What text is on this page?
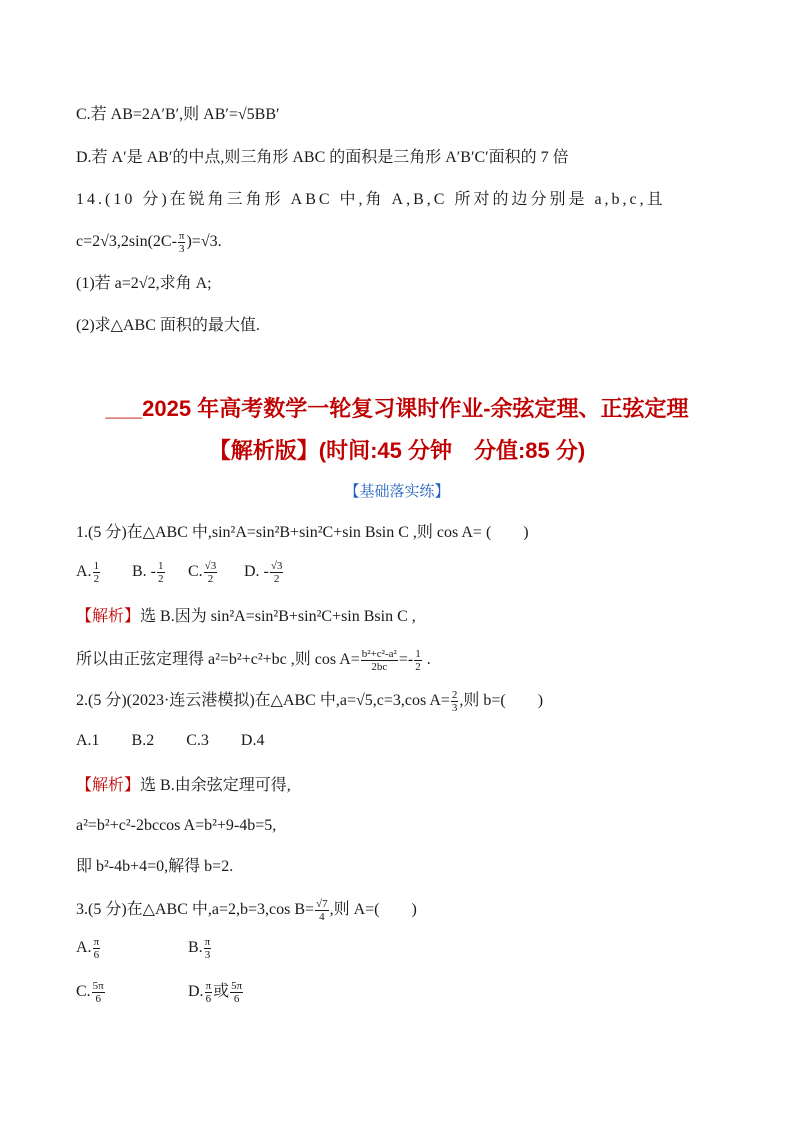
C.若 AB=2A′B′,则 AB′=√5BB′
D.若 A′是 AB′的中点,则三角形 ABC 的面积是三角形 A′B′C′面积的 7 倍
14.(10 分)在锐角三角形 ABC 中,角 A,B,C 所对的边分别是 a,b,c,且
$c=2√3,2\sin(2C- \frac{\pi}{3} )=√3$.
(1)若 a=2√2,求角 A;
(2)求△ABC 面积的最大值.
___2025 年高考数学一轮复习课时作业-余弦定理、正弦定理
【解析版】(时间:45 分钟　分值:85 分)
【基础落实练】
1.(5 分)在△ABC 中,sin²A=sin²B+sin²C+sin Bsin C ,则 cos A= (　　)
A. $\frac{1}{2} B$. - $\frac{1}{2} C$. $\frac{√3}{2} D$. - $\frac{√3}{2}$
【解析】选 B.因为 sin²A=sin²B+sin²C+sin Bsin C ,
所以由正弦定理得 a²=b²+c²+bc ,则 $\cos A= \frac{\text{b²+c²-a²}}{2bc} =- \frac{1}{2}$ .
2.(5 分)(2023·连云港模拟)在△ABC 中,a=√5,c=3,cos $A= \frac{2}{3}$ ,则 b=(　　)
A.1　　B.2　　C.3　　D.4
【解析】选 B.由余弦定理可得,
a²=b²+c²-2bccos A=b²+9-4b=5,
即 b²-4b+4=0,解得 b=2.
3.(5 分)在△ABC 中,a=2,b=3,cos $B= \frac{√7}{4}$ ,则 A=(　　)
A. $\frac{\pi}{6}$	B. $\frac{\pi}{3}$
C. $\frac{5\pi}{6}$	D. $\frac{\pi}{6}$ 或 $\frac{5\pi}{6}$
